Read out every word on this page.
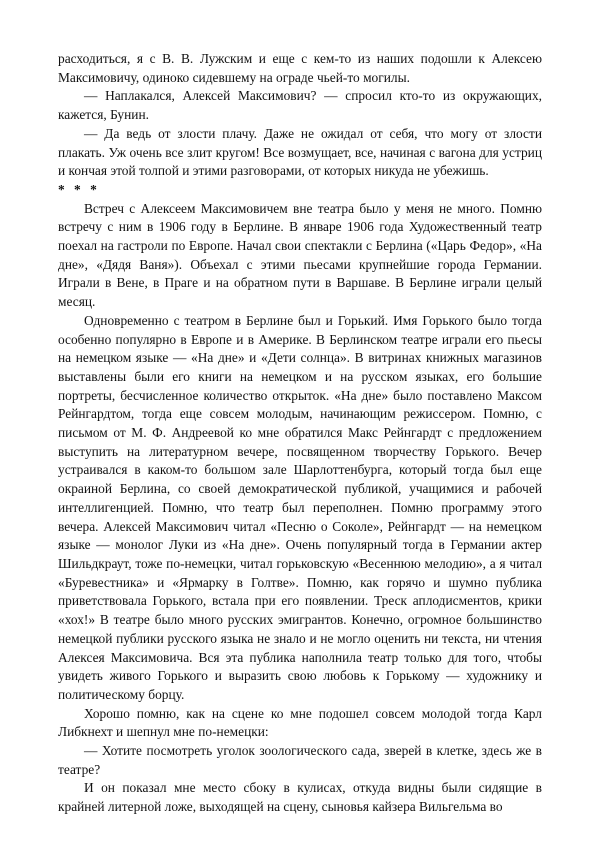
расходиться, я с В. В. Лужским и еще с кем-то из наших подошли к Алексею Максимовичу, одиноко сидевшему на ограде чьей-то могилы.

— Наплакался, Алексей Максимович? — спросил кто-то из окружающих, кажется, Бунин.

— Да ведь от злости плачу. Даже не ожидал от себя, что могу от злости плакать. Уж очень все злит кругом! Все возмущает, все, начиная с вагона для устриц и кончая этой толпой и этими разговорами, от которых никуда не убежишь.

* * *

Встреч с Алексеем Максимовичем вне театра было у меня не много. Помню встречу с ним в 1906 году в Берлине. В январе 1906 года Художественный театр поехал на гастроли по Европе. Начал свои спектакли с Берлина («Царь Федор», «На дне», «Дядя Ваня»). Объехал с этими пьесами крупнейшие города Германии. Играли в Вене, в Праге и на обратном пути в Варшаве. В Берлине играли целый месяц.

Одновременно с театром в Берлине был и Горький. Имя Горького было тогда особенно популярно в Европе и в Америке. В Берлинском театре играли его пьесы на немецком языке — «На дне» и «Дети солнца». В витринах книжных магазинов выставлены были его книги на немецком и на русском языках, его большие портреты, бесчисленное количество открыток. «На дне» было поставлено Максом Рейнгардтом, тогда еще совсем молодым, начинающим режиссером. Помню, с письмом от М. Ф. Андреевой ко мне обратился Макс Рейнгардт с предложением выступить на литературном вечере, посвященном творчеству Горького. Вечер устраивался в каком-то большом зале Шарлоттенбурга, который тогда был еще окраиной Берлина, со своей демократической публикой, учащимися и рабочей интеллигенцией. Помню, что театр был переполнен. Помню программу этого вечера. Алексей Максимович читал «Песню о Соколе», Рейнгардт — на немецком языке — монолог Луки из «На дне». Очень популярный тогда в Германии актер Шильдкраут, тоже по-немецки, читал горьковскую «Весеннюю мелодию», а я читал «Буревестника» и «Ярмарку в Голтве». Помню, как горячо и шумно публика приветствовала Горького, встала при его появлении. Треск аплодисментов, крики «хох!» В театре было много русских эмигрантов. Конечно, огромное большинство немецкой публики русского языка не знало и не могло оценить ни текста, ни чтения Алексея Максимовича. Вся эта публика наполнила театр только для того, чтобы увидеть живого Горького и выразить свою любовь к Горькому — художнику и политическому борцу.

Хорошо помню, как на сцене ко мне подошел совсем молодой тогда Карл Либкнехт и шепнул мне по-немецки:

— Хотите посмотреть уголок зоологического сада, зверей в клетке, здесь же в театре?

И он показал мне место сбоку в кулисах, откуда видны были сидящие в крайней литерной ложе, выходящей на сцену, сыновья кайзера Вильгельма во
